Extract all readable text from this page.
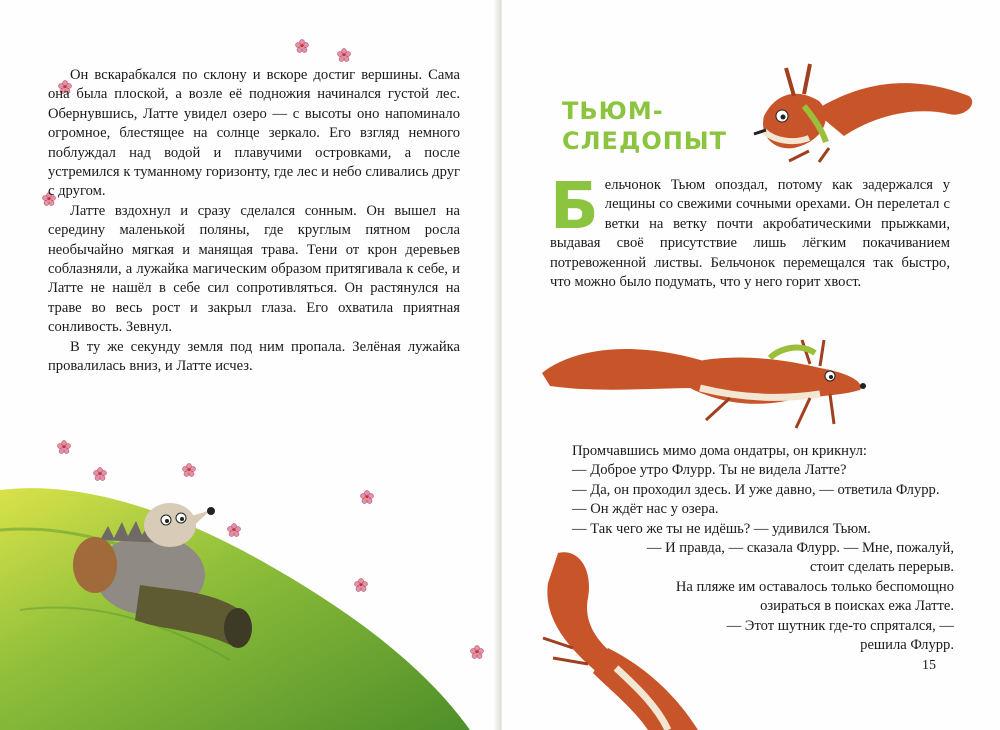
Он вскарабкался по склону и вскоре достиг вершины. Сама она была плоской, а возле её подножия начинался густой лес. Обернувшись, Латте увидел озеро — с высоты оно напоминало огромное, блестящее на солнце зеркало. Его взгляд немного поблуждал над водой и плавучими островками, а после устремился к туманному горизонту, где лес и небо сливались друг с другом.

Латте вздохнул и сразу сделался сонным. Он вышел на середину маленькой поляны, где круглым пятном росла необычайно мягкая и манящая трава. Тени от крон деревьев соблазняли, а лужайка магическим образом притягивала к себе, и Латте не нашёл в себе сил сопротивляться. Он растянулся на траве во весь рост и закрыл глаза. Его охватила приятная сонливость. Зевнул.

В ту же секунду земля под ним пропала. Зелёная лужайка провалилась вниз, и Латте исчез.

ТЬЮМ-
СЛЕДОПЫТ
Б ельчонок Тьюм опоздал, потому как задержался у лещины со свежими сочными орехами. Он перелетал с ветки на ветку почти акробатическими прыжками, выдавая своё присутствие лишь лёгким покачиванием потревоженной листвы. Бельчонок перемещался так быстро, что можно было подумать, что у него горит хвост.

Промчавшись мимо дома ондатры, он крикнул:
— Доброе утро Флурр. Ты не видела Латте?
— Да, он проходил здесь. И уже давно, — ответила Флурр. — Он ждёт нас у озера.
— Так чего же ты не идёшь? — удивился Тьюм.
— И правда, — сказала Флурр. — Мне, пожалуй, стоит сделать перерыв.
На пляже им оставалось только беспомощно озираться в поисках ежа Латте.
— Этот шутник где-то спрятался, — решила Флурр.
15
